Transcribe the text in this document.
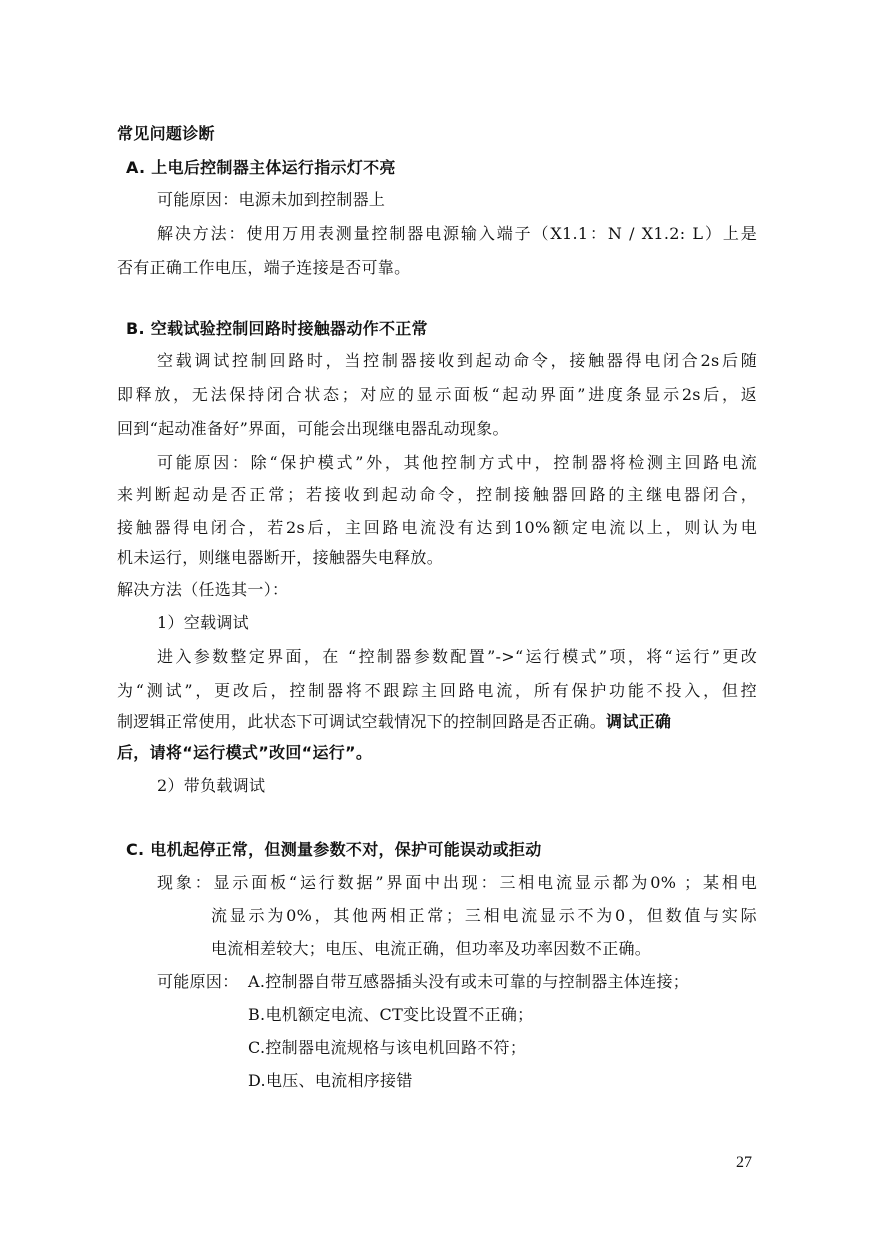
常见问题诊断
A. 上电后控制器主体运行指示灯不亮
可能原因：电源未加到控制器上
解决方法：使用万用表测量控制器电源输入端子（X1.1：N / X1.2: L）上是
否有正确工作电压，端子连接是否可靠。
B. 空载试验控制回路时接触器动作不正常
空载调试控制回路时，当控制器接收到起动命令，接触器得电闭合2s后随
即释放，无法保持闭合状态；对应的显示面板“起动界面”进度条显示2s后，返
回到“起动准备好”界面，可能会出现继电器乱动现象。
可能原因：除“保护模式”外，其他控制方式中，控制器将检测主回路电流
来判断起动是否正常；若接收到起动命令，控制接触器回路的主继电器闭合，
接触器得电闭合，若2s后，主回路电流没有达到10%额定电流以上，则认为电
机未运行，则继电器断开，接触器失电释放。
解决方法（任选其一）：
1）空载调试
进入参数整定界面，在 “控制器参数配置”->“运行模式”项，将“运行”更改
为“测试”，更改后，控制器将不跟踪主回路电流，所有保护功能不投入，但控
制逻辑正常使用，此状态下可调试空载情况下的控制回路是否正确。调试正确
后，请将“运行模式”改回“运行”。
2）带负载调试
C. 电机起停正常，但测量参数不对，保护可能误动或拒动
现象：显示面板“运行数据”界面中出现：三相电流显示都为0% ；某相电
流显示为0%，其他两相正常；三相电流显示不为0，但数值与实际
电流相差较大；电压、电流正确，但功率及功率因数不正确。
可能原因： A.控制器自带互感器插头没有或未可靠的与控制器主体连接；
B.电机额定电流、CT变比设置不正确；
C.控制器电流规格与该电机回路不符；
D.电压、电流相序接错
27
